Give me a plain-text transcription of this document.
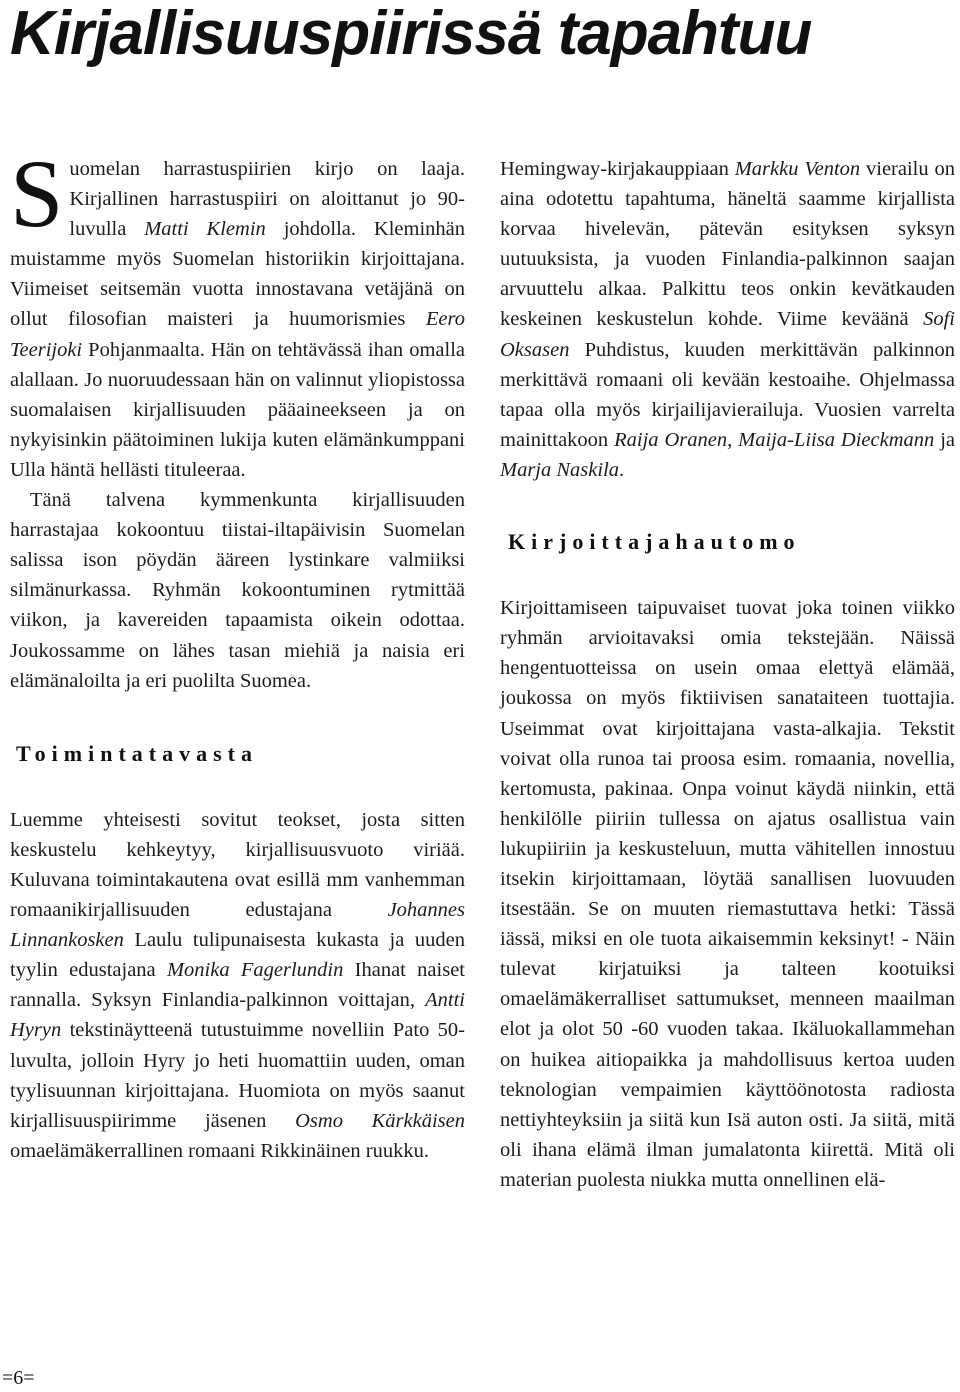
Kirjallisuuspiirissä tapahtuu

Suomelan harrastuspiirien kirjo on laaja. Kirjallinen harrastuspiiri on aloittanut jo 90-luvulla Matti Klemin johdolla. Kleminhän muistamme myös Suomelan historiikin kirjoittajana. Viimeiset seitsemän vuotta innostavana vetäjänä on ollut filosofian maisteri ja huumorismies Eero Teerijoki Pohjanmaalta. Hän on tehtävässä ihan omalla alallaan. Jo nuoruudessaan hän on valinnut yliopistossa suomalaisen kirjallisuuden pääaineekseen ja on nykyisinkin päätoiminen lukija kuten elämänkumppani Ulla häntä hellästi tituleeraa.

Tänä talvena kymmenkunta kirjallisuuden harrastajaa kokoontuu tiistai-iltapäivisin Suomelan salissa ison pöydän ääreen lystinkare valmiiksi silmänurkassa. Ryhmän kokoontuminen rytmittää viikon, ja kavereiden tapaamista oikein odottaa. Joukossamme on lähes tasan miehiä ja naisia eri elämänaloilta ja eri puolilta Suomea.

Toimintatavasta

Luemme yhteisesti sovitut teokset, josta sitten keskustelu kehkeytyy, kirjallisuusvuoto viriää. Kuluvana toimintakautena ovat esillä mm vanhemman romaanikirjallisuuden edustajana Johannes Linnankosken Laulu tulipunaisesta kukasta ja uuden tyylin edustajana Monika Fagerlundin Ihanat naiset rannalla. Syksyn Finlandia-palkinnon voittajan, Antti Hyryn tekstinäytteenä tutustuimme novelliin Pato 50-luvulta, jolloin Hyry jo heti huomattiin uuden, oman tyylisuunnan kirjoittajana. Huomiota on myös saanut kirjallisuuspiirimme jäsenen Osmo Kärkkäisen omaelämäkerrallinen romaani Rikkinäinen ruukku.

Hemingway-kirjakauppiaan Markku Venton vierailu on aina odotettu tapahtuma, häneltä saamme kirjallista korvaa hivelevän, pätevän esityksen syksyn uutuuksista, ja vuoden Finlandia-palkinnon saajan arvuuttelu alkaa. Palkittu teos onkin kevätkauden keskeinen keskustelun kohde. Viime keväänä Sofi Oksasen Puhdistus, kuuden merkittävän palkinnon merkittävä romaani oli kevään kestoaihe. Ohjelmassa tapaa olla myös kirjailijavierailuja. Vuosien varrelta mainittakoon Raija Oranen, Maija-Liisa Dieckmann ja Marja Naskila.

Kirjoittajahautomo

Kirjoittamiseen taipuvaiset tuovat joka toinen viikko ryhmän arvioitavaksi omia tekstejään. Näissä hengentuotteissa on usein omaa elettyä elämää, joukossa on myös fiktiivisen sanataiteen tuottajia. Useimmat ovat kirjoittajana vasta-alkajia. Tekstit voivat olla runoa tai proosa esim. romaania, novellia, kertomusta, pakinaa. Onpa voinut käydä niinkin, että henkilölle piiriin tullessa on ajatus osallistua vain lukupiiriin ja keskusteluun, mutta vähitellen innostuu itsekin kirjoittamaan, löytää sanallisen luovuuden itsestään. Se on muuten riemastuttava hetki: Tässä iässä, miksi en ole tuota aikaisemmin keksinyt! - Näin tulevat kirjatuiksi ja talteen kootuiksi omaelämäkerralliset sattumukset, menneen maailman elot ja olot 50 -60 vuoden takaa. Ikäluokallammehan on huikea aitiopaikka ja mahdollisuus kertoa uuden teknologian vempaimien käyttöönotosta radiosta nettiyhteyksiin ja siitä kun Isä auton osti. Ja siitä, mitä oli ihana elämä ilman jumalatonta kiirettä. Mitä oli materian puolesta niukka mutta onnellinen elä-

=6=
